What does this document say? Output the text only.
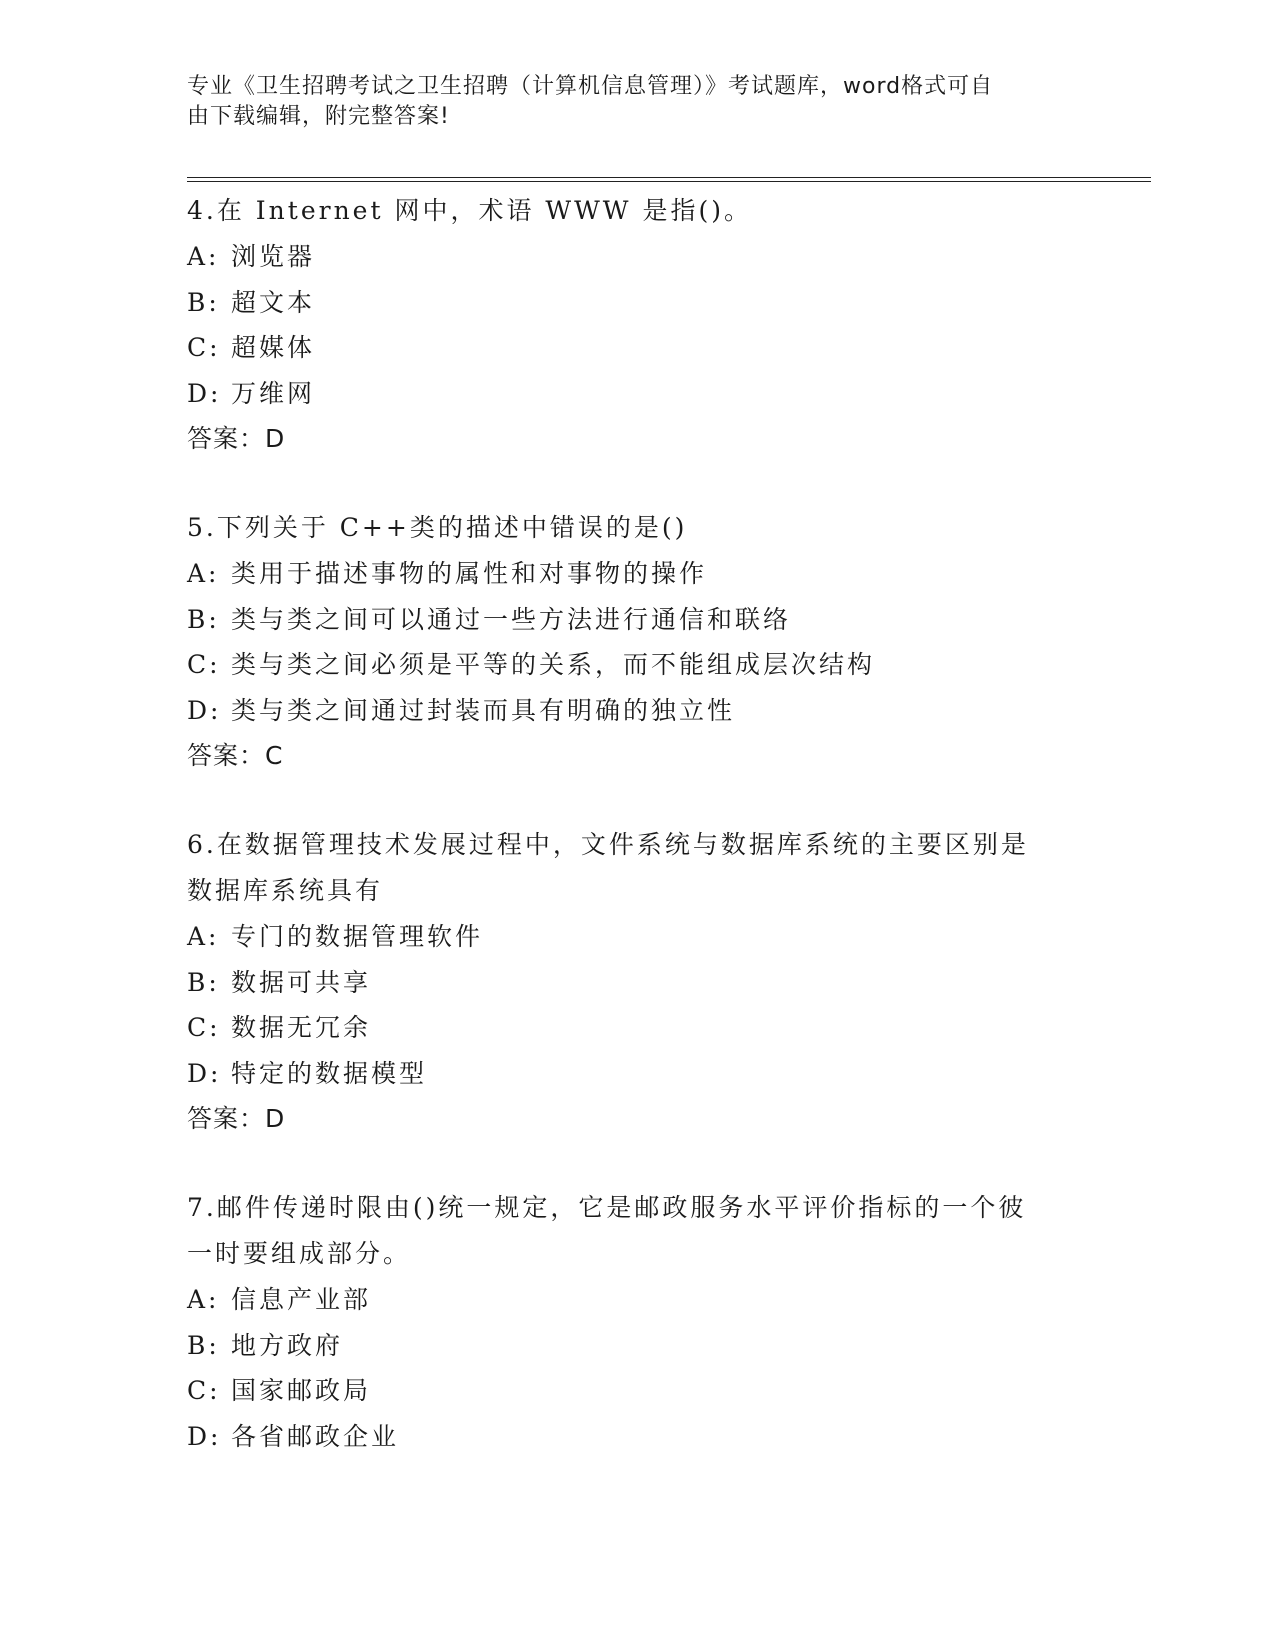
专业《卫生招聘考试之卫生招聘（计算机信息管理）》考试题库，word格式可自
由下载编辑，附完整答案!
4.在 Internet 网中，术语 WWW 是指()。
A: 浏览器
B: 超文本
C: 超媒体
D: 万维网
答案：D
5.下列关于 C++类的描述中错误的是()
A: 类用于描述事物的属性和对事物的操作
B: 类与类之间可以通过一些方法进行通信和联络
C: 类与类之间必须是平等的关系，而不能组成层次结构
D: 类与类之间通过封装而具有明确的独立性
答案：C
6.在数据管理技术发展过程中，文件系统与数据库系统的主要区别是
数据库系统具有
A: 专门的数据管理软件
B: 数据可共享
C: 数据无冗余
D: 特定的数据模型
答案：D
7.邮件传递时限由()统一规定，它是邮政服务水平评价指标的一个彼
一时要组成部分。
A: 信息产业部
B: 地方政府
C: 国家邮政局
D: 各省邮政企业
